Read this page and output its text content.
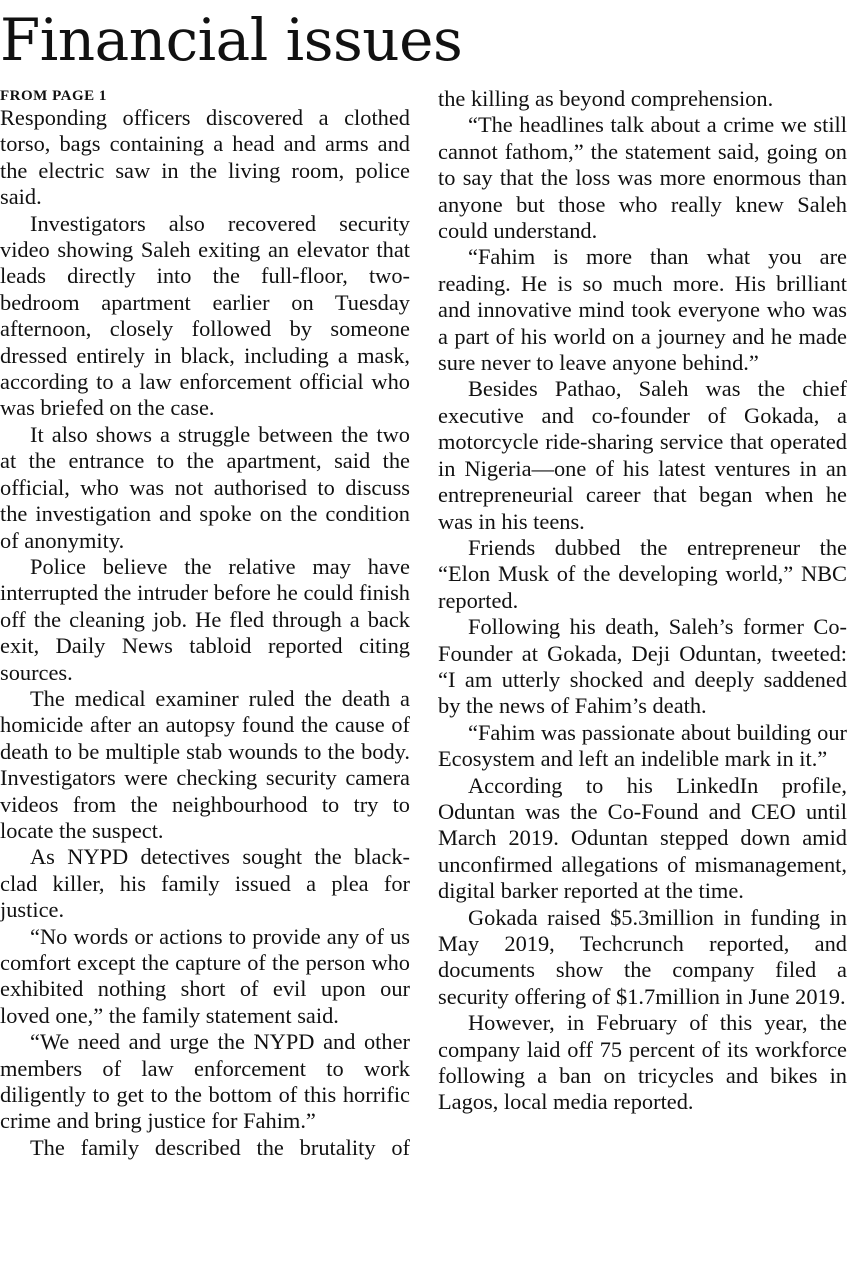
Financial issues
FROM PAGE 1

Responding officers discovered a clothed torso, bags containing a head and arms and the electric saw in the living room, police said.

Investigators also recovered security video showing Saleh exiting an elevator that leads directly into the full-floor, two-bedroom apartment earlier on Tuesday afternoon, closely followed by someone dressed entirely in black, including a mask, according to a law enforcement official who was briefed on the case.

It also shows a struggle between the two at the entrance to the apartment, said the official, who was not authorised to discuss the investigation and spoke on the condition of anonymity.

Police believe the relative may have interrupted the intruder before he could finish off the cleaning job. He fled through a back exit, Daily News tabloid reported citing sources.

The medical examiner ruled the death a homicide after an autopsy found the cause of death to be multiple stab wounds to the body. Investigators were checking security camera videos from the neighbourhood to try to locate the suspect.

As NYPD detectives sought the black-clad killer, his family issued a plea for justice.

“No words or actions to provide any of us comfort except the capture of the person who exhibited nothing short of evil upon our loved one,” the family statement said.

“We need and urge the NYPD and other members of law enforcement to work diligently to get to the bottom of this horrific crime and bring justice for Fahim.”

The family described the brutality of

the killing as beyond comprehension.

“The headlines talk about a crime we still cannot fathom,” the statement said, going on to say that the loss was more enormous than anyone but those who really knew Saleh could understand.

“Fahim is more than what you are reading. He is so much more. His brilliant and innovative mind took everyone who was a part of his world on a journey and he made sure never to leave anyone behind.”

Besides Pathao, Saleh was the chief executive and co-founder of Gokada, a motorcycle ride-sharing service that operated in Nigeria—one of his latest ventures in an entrepreneurial career that began when he was in his teens.

Friends dubbed the entrepreneur the “Elon Musk of the developing world,” NBC reported.

Following his death, Saleh’s former Co-Founder at Gokada, Deji Oduntan, tweeted: “I am utterly shocked and deeply saddened by the news of Fahim’s death.

“Fahim was passionate about building our Ecosystem and left an indelible mark in it.”

According to his LinkedIn profile, Oduntan was the Co-Found and CEO until March 2019. Oduntan stepped down amid unconfirmed allegations of mismanagement, digital barker reported at the time.

Gokada raised $5.3million in funding in May 2019, Techcrunch reported, and documents show the company filed a security offering of $1.7million in June 2019.

However, in February of this year, the company laid off 75 percent of its workforce following a ban on tricycles and bikes in Lagos, local media reported.
